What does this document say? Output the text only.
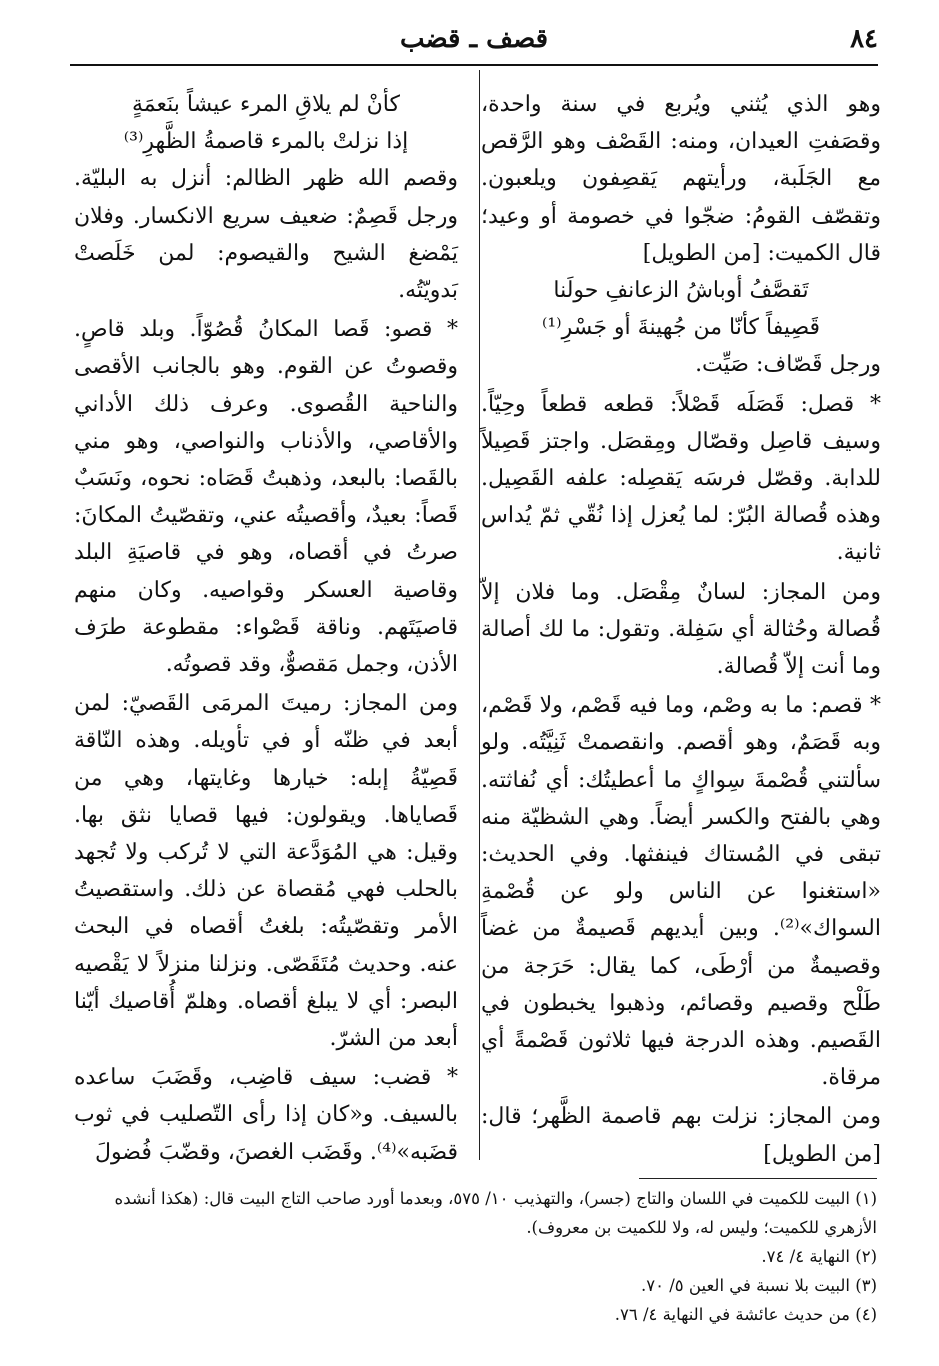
٨٤
قصف ـ قضب

وهو الذي يُثني ويُربع في سنة واحدة، وقصَفتِ العيدان، ومنه: القَصْف وهو الرَّقص مع الجَلَبة، ورأيتهم يَقصِفون ويلعبون. وتقصّف القومُ: ضجّوا في خصومة أو وعيد؛ قال الكميت: [من الطويل]

تَقصَّفُ أوباشُ الزعانفِ حولَنا

قَصِيفاً كأنّا من جُهينةَ أو جَسْرِ⁽¹⁾

ورجل قَصّاف: صَيِّت.

* قصل: قَصَلَه قَصْلاً: قطعه قطعاً وحِيّاً. وسيف قاصِل وقصّال ومِقصَل. واجتز قَصِيلاً للدابة. وقصّل فرسَه يَقصِله: علفه القَصِيل. وهذه قُصالة البُرّ: لما يُعزل إذا نُقّي ثمّ يُداس ثانية.

ومن المجاز: لسانٌ مِقْصَل. وما فلان إلاّ قُصالة وحُثالة أي سَفِلة. وتقول: ما لك أصالة وما أنت إلاّ قُصالة.

* قصم: ما به وصْم، وما فيه قَصْم، ولا قَصْم، وبه قَصَمٌ، وهو أقصم. وانقصمتْ ثَنِيَّتُه. ولو سألتني قُصْمةَ سِواكٍ ما أعطيتُك: أي نُفاثته. وهي بالفتح والكسر أيضاً. وهي الشظيّة منه تبقى في المُستاك فينفثها. وفي الحديث: «استغنوا عن الناس ولو عن قُصْمةِ السواك»⁽²⁾. وبين أيديهم قَصيمةٌ من غضاً وقصيمةٌ من أرْطَى، كما يقال: حَرَجة من طَلْح وقصيم وقصائم، وذهبوا يخبطون في القَصيم. وهذه الدرجة فيها ثلاثون قَصْمةً أي مرقاة.

ومن المجاز: نزلت بهم قاصمة الظَّهر؛ قال: [من الطويل]

كأنْ لم يلاقِ المرء عيشاً بنَعمَةٍ

إذا نزلتْ بالمرء قاصمةُ الظَّهرِ⁽³⁾

وقصم الله ظهر الظالم: أنزل به البليّة. ورجل قَصِمٌ: ضعيف سريع الانكسار. وفلان يَمْضغ الشيح والقيصوم: لمن خَلَصتْ بَدويّتُه.

* قصو: قَصا المكانُ قُصُوّاً. وبلد قاصٍ. وقصوتُ عن القوم. وهو بالجانب الأقصى والناحية القُصوى. وعرف ذلك الأداني والأقاصي، والأذناب والنواصي، وهو مني بالقَصا: بالبعد، وذهبتُ قَصَاه: نحوه، ونَسَبٌ قَصاً: بعيدٌ، وأقصيتُه عني، وتقصّيتُ المكانَ: صرتُ في أقصاه، وهو في قاصيَةِ البلد وقاصية العسكر وقواصيه. وكان منهم قاصيَتَهم. وناقة قَصْواء: مقطوعة طرَف الأذن، وجمل مَقصوٌّ، وقد قصوتُه.

ومن المجاز: رميتَ المرمَى القَصيّ: لمن أبعد في ظنّه أو في تأويله. وهذه النّاقة قَصِيّةُ إبله: خيارها وغايتها، وهي من قَصاياها. ويقولون: فيها قصايا نثق بها. وقيل: هي المُوَدَّعة التي لا تُركب ولا تُجهد بالحلب فهي مُقصاة عن ذلك. واستقصيتُ الأمر وتقصّيتُه: بلغتُ أقصاه في البحث عنه. وحديث مُتَقَصّى. ونزلنا منزلاً لا يَقْصيه البصر: أي لا يبلغ أقصاه. وهلمّ أُقاصيك أيّنا أبعد من الشرّ.

* قضب: سيف قاضِب، وقَضَبَ ساعده بالسيف. و«كان إذا رأى التّصليب في ثوب قضَبه»⁽⁴⁾. وقَضَب الغصنَ، وقضّبَ فُضولَ

(١) البيت للكميت في اللسان والتاج (جسر)، والتهذيب ١٠/ ٥٧٥، وبعدما أورد صاحب التاج البيت قال: (هكذا أنشده

الأزهري للكميت؛ وليس له، ولا للكميت بن معروف).

(٢) النهاية ٤/ ٧٤.

(٣) البيت بلا نسبة في العين ٥/ ٧٠.

(٤) من حديث عائشة في النهاية ٤/ ٧٦.
